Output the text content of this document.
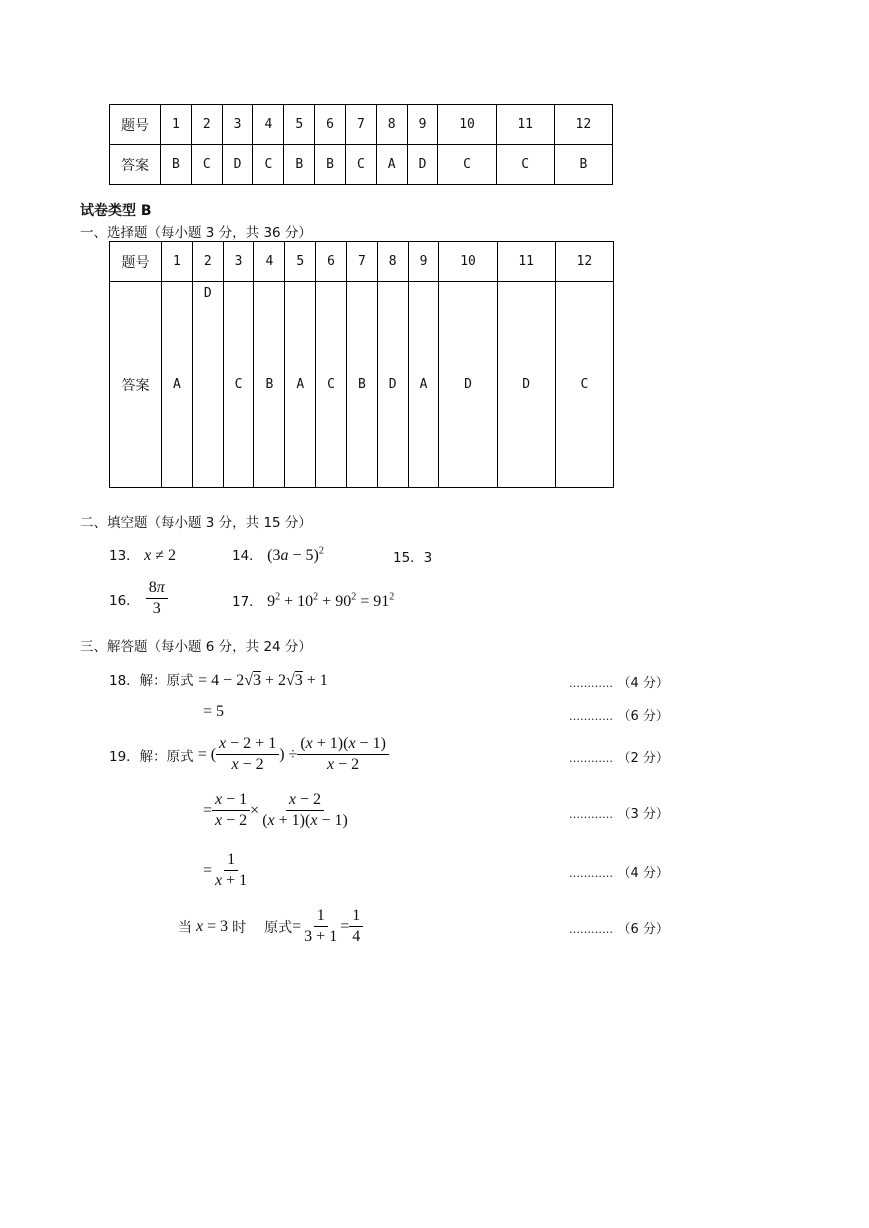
题号	1	2	3	4	5	6	7	8	9	10	11	12
答案	B	C	D	C	B	B	C	A	D	C	C	B
试卷类型 B
一、选择题（每小题 3 分，共 36 分）
题号	1	2	3	4	5	6	7	8	9	10	11	12
答案	A	D	C	B	A	C	B	D	A	D	D	C
二、填空题（每小题 3 分，共 15 分）
13． x ≠ 2	14． $(3a - 5)^2$	15．3
16． $\frac{8\pi}{3}$	17． $9^2 + 10^2 + 90^2 = 91^2$
三、解答题（每小题 6 分，共 24 分）
18．解：原式 = 4 − 2√3 + 2√3 + 1	………… （4 分）
= 5	………… （6 分）
19．解：原式 = ( $\frac{x - 2 + 1}{x - 2}$ ) ÷ $\frac{(x + 1)(x - 1)}{x - 2}$	………… （2 分）
= $\frac{x - 1}{x - 2} \times \frac{x - 2}{(x + 1)(x - 1)}$	………… （3 分）
= $\frac{1}{x + 1}$	………… （4 分）
当 x = 3 时 原式 = $\frac{1}{3 + 1} = \frac{1}{4}$	………… （6 分）
